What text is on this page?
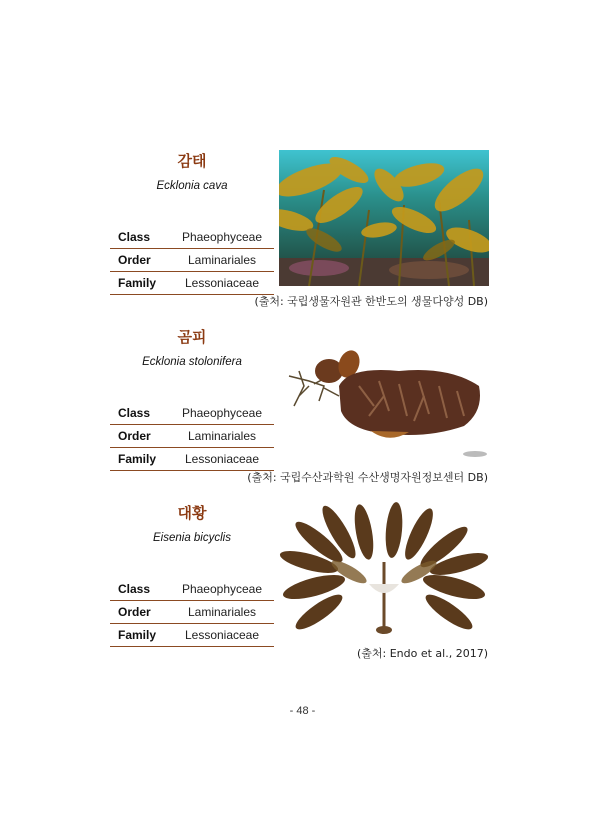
감태
Ecklonia cava
Class	Phaeophyceae
Order	Laminariales
Family	Lessoniaceae
(출처: 국립생물자원관 한반도의 생물다양성 DB)
곰피
Ecklonia stolonifera
Class	Phaeophyceae
Order	Laminariales
Family	Lessoniaceae
(출처: 국립수산과학원 수산생명자원정보센터 DB)
대황
Eisenia bicyclis
Class	Phaeophyceae
Order	Laminariales
Family	Lessoniaceae
(출처: Endo et al., 2017)
- 48 -
